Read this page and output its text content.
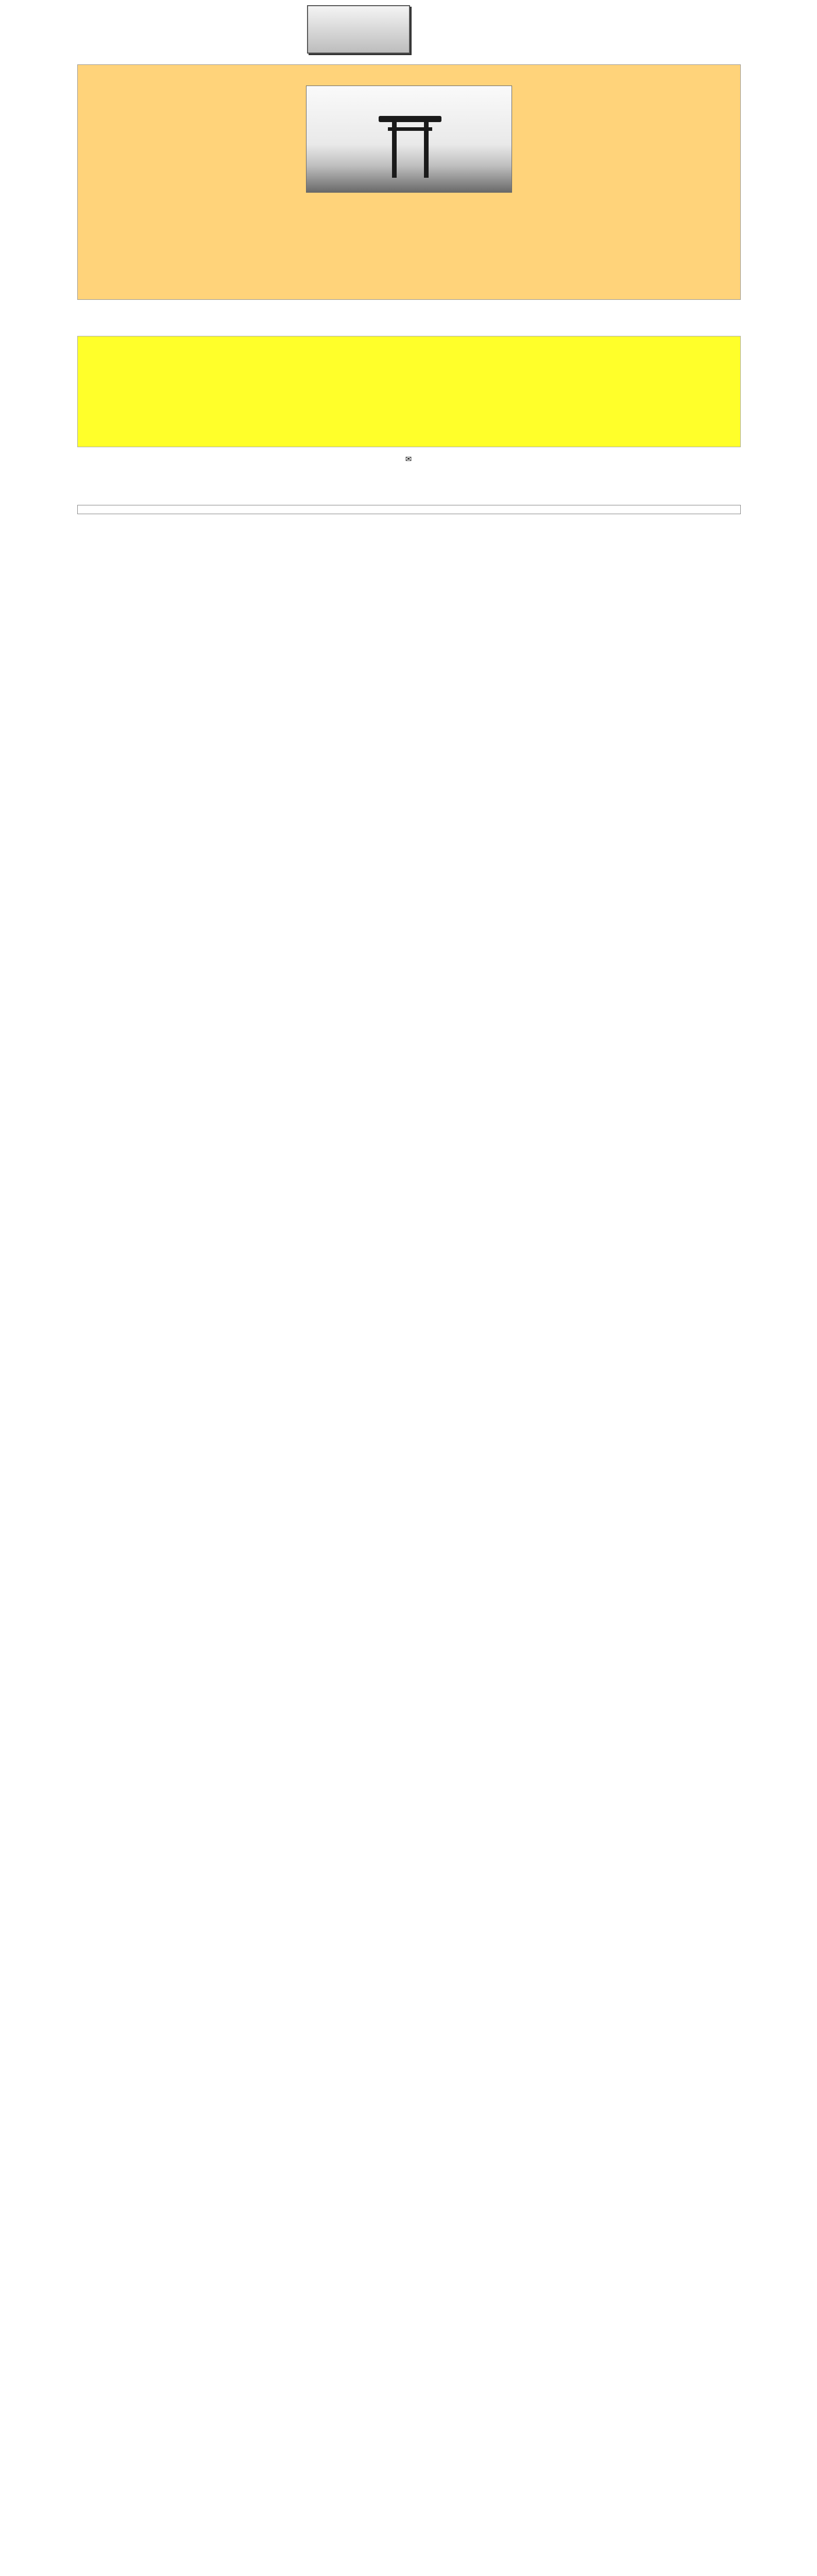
✉　　
